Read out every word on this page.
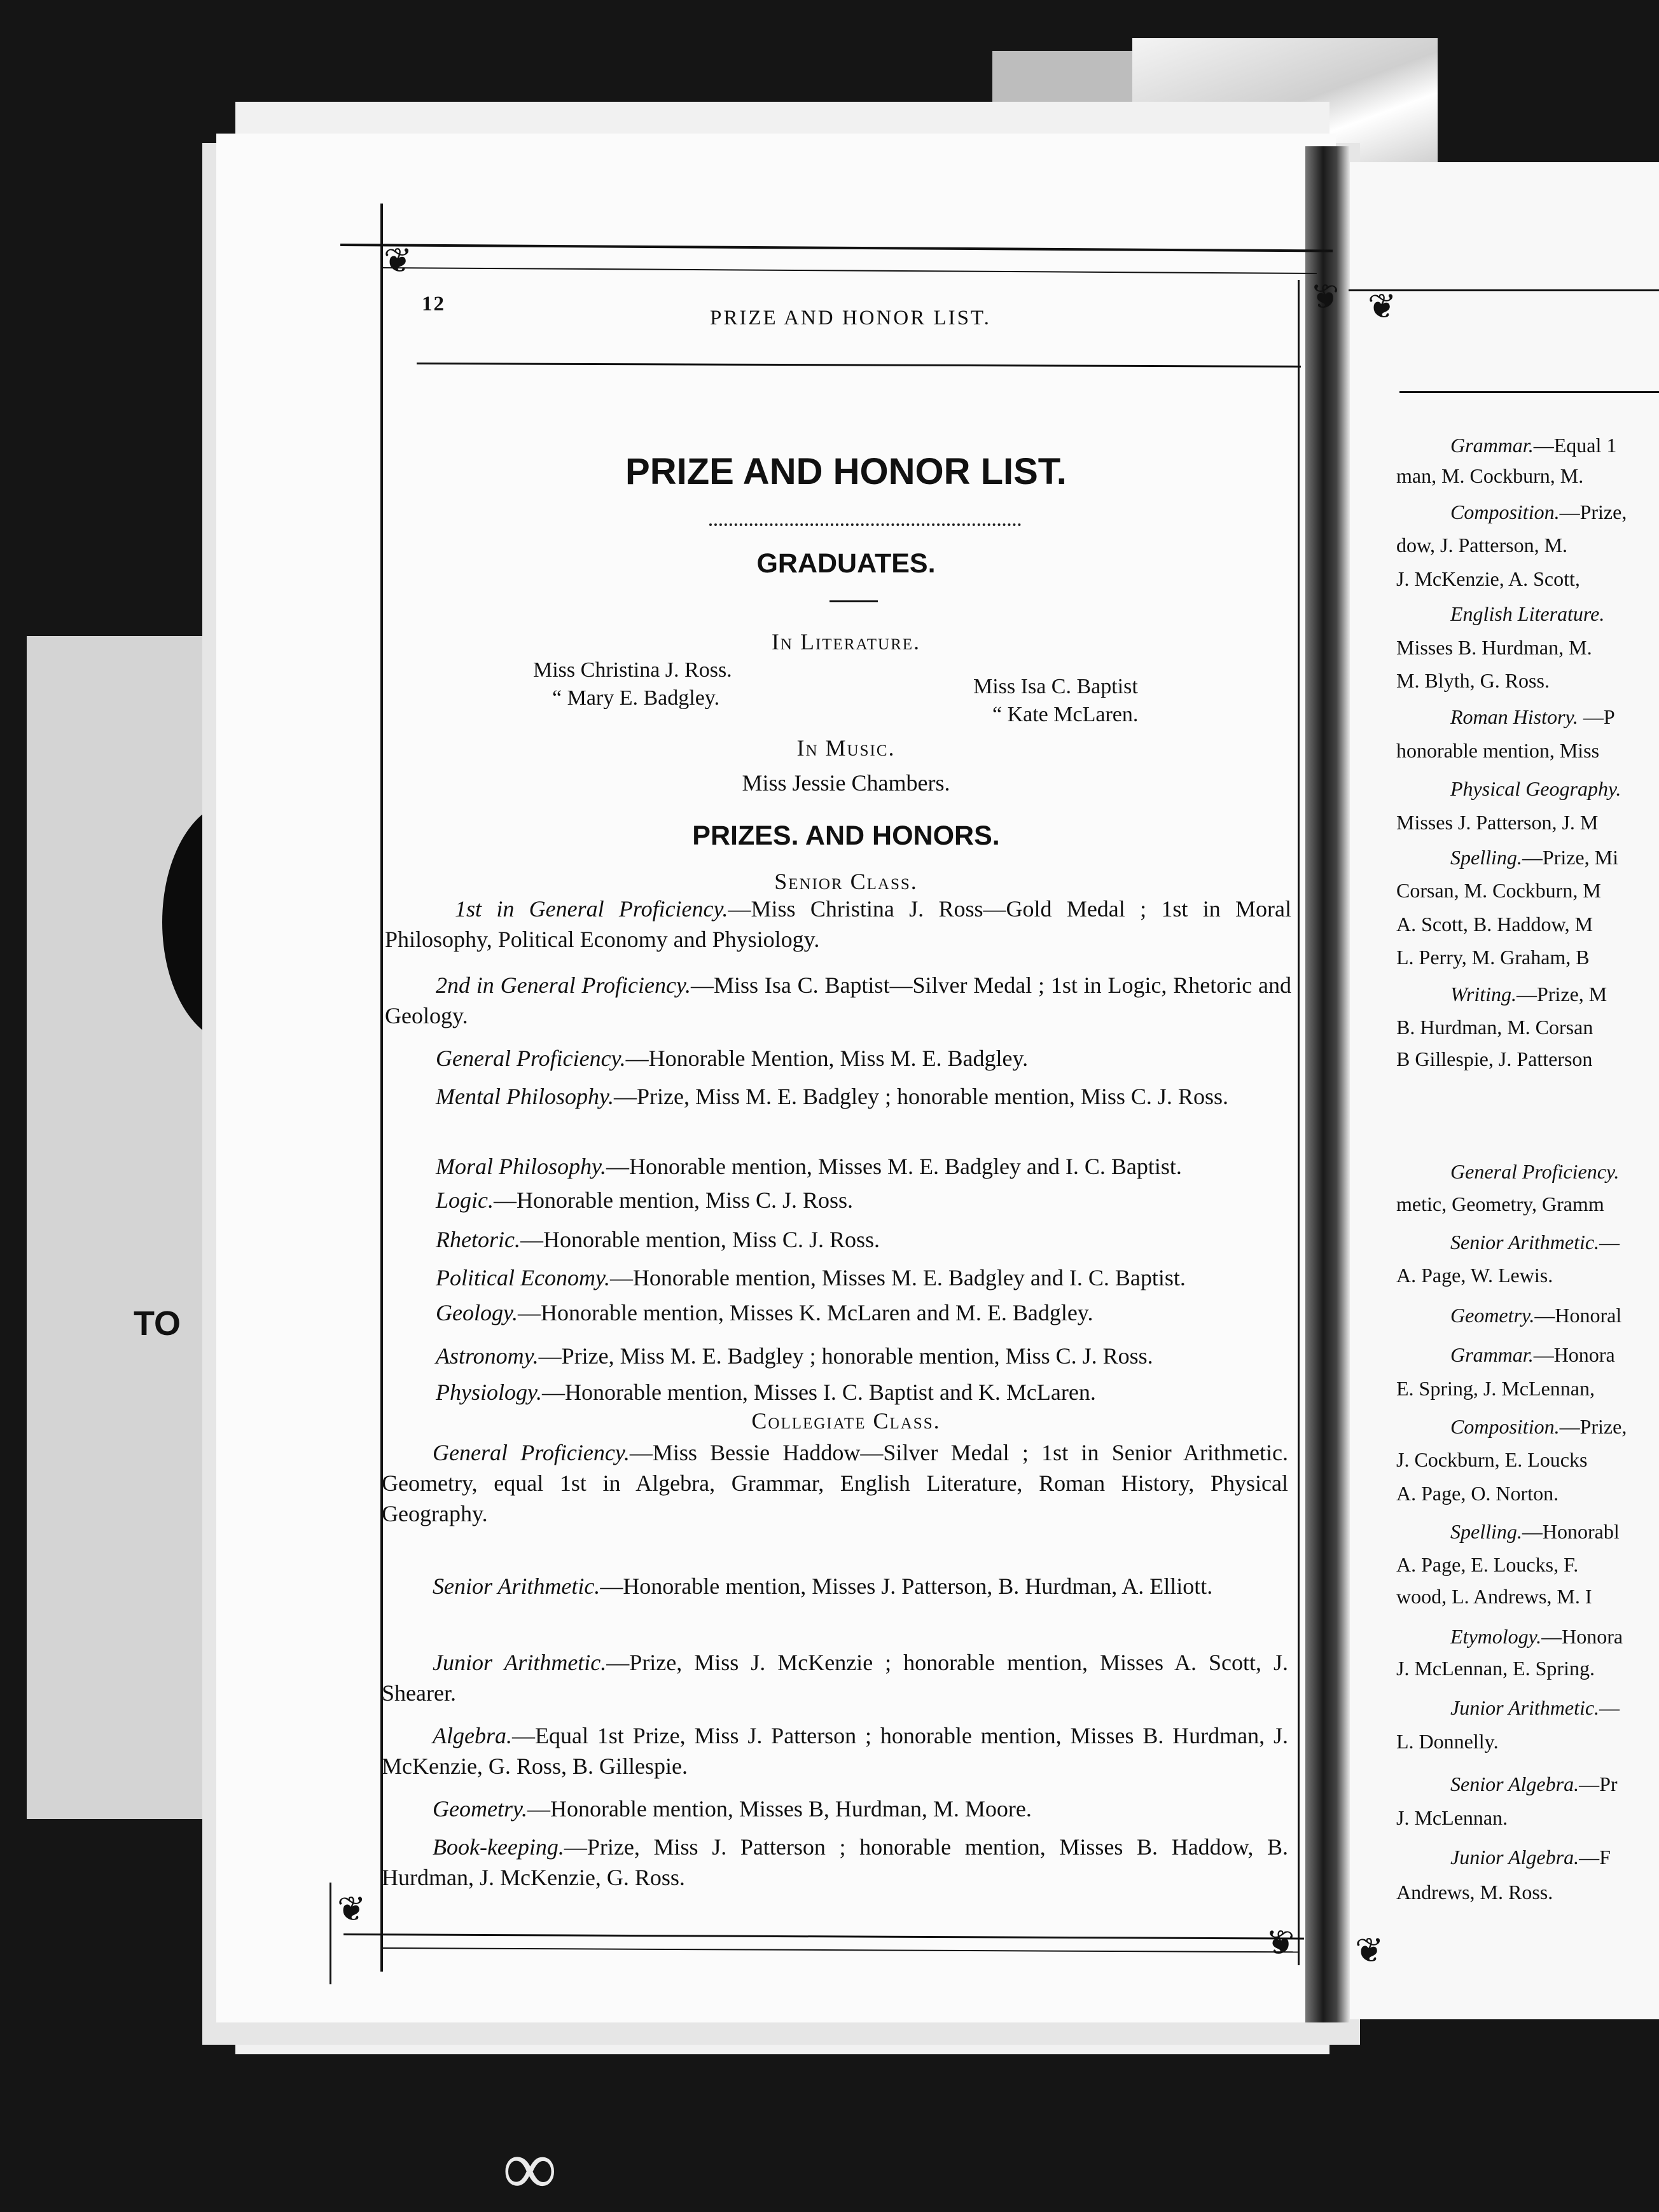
TO
∞
❦
❦
❦
❦
❦
❦
12
PRIZE AND HONOR LIST.
PRIZE AND HONOR LIST.
GRADUATES.
In Literature.
Miss Christina J. Ross.
“ Mary E. Badgley.	Miss Isa C. Baptist
“ Kate McLaren.
In Music.
Miss Jessie Chambers.
PRIZES. AND HONORS.
Senior Class.
1st in General Proficiency.—Miss Christina J. Ross—Gold Medal ; 1st in Moral Philosophy, Political Economy and Physiology.
2nd in General Proficiency.—Miss Isa C. Baptist—Silver Medal ; 1st in Logic, Rhetoric and Geology.
General Proficiency.—Honorable Mention, Miss M. E. Badgley.
Mental Philosophy.—Prize, Miss M. E. Badgley ; honorable mention, Miss C. J. Ross.
Moral Philosophy.—Honorable mention, Misses M. E. Badgley and I. C. Baptist.
Logic.—Honorable mention, Miss C. J. Ross.
Rhetoric.—Honorable mention, Miss C. J. Ross.
Political Economy.—Honorable mention, Misses M. E. Badgley and I. C. Baptist.
Geology.—Honorable mention, Misses K. McLaren and M. E. Badgley.
Astronomy.—Prize, Miss M. E. Badgley ; honorable mention, Miss C. J. Ross.
Physiology.—Honorable mention, Misses I. C. Baptist and K. McLaren.
Collegiate Class.
General Proficiency.—Miss Bessie Haddow—Silver Medal ; 1st in Senior Arithmetic. Geometry, equal 1st in Algebra, Grammar, English Literature, Roman History, Physical Geography.
Senior Arithmetic.—Honorable mention, Misses J. Patterson, B. Hurdman, A. Elliott.
Junior Arithmetic.—Prize, Miss J. McKenzie ; honorable mention, Misses A. Scott, J. Shearer.
Algebra.—Equal 1st Prize, Miss J. Patterson ; honorable mention, Misses B. Hurdman, J. McKenzie, G. Ross, B. Gillespie.
Geometry.—Honorable mention, Misses B, Hurdman, M. Moore.
Book-keeping.—Prize, Miss J. Patterson ; honorable mention, Misses B. Haddow, B. Hurdman, J. McKenzie, G. Ross.
Grammar.—Equal 1
man, M. Cockburn, M.
Composition.—Prize,
dow, J. Patterson, M.
J. McKenzie, A. Scott,
English Literature.
Misses B. Hurdman, M.
M. Blyth, G. Ross.
Roman History. —P
honorable mention, Miss
Physical Geography.
Misses J. Patterson, J. M
Spelling.—Prize, Mi
Corsan, M. Cockburn, M
A. Scott, B. Haddow, M
L. Perry, M. Graham, B
Writing.—Prize, M
B. Hurdman, M. Corsan
B Gillespie, J. Patterson
General Proficiency.
metic, Geometry, Gramm
Senior Arithmetic.—
A. Page, W. Lewis.
Geometry.—Honoral
Grammar.—Honora
E. Spring, J. McLennan,
Composition.—Prize,
J. Cockburn, E. Loucks
A. Page, O. Norton.
Spelling.—Honorabl
A. Page, E. Loucks, F.
wood, L. Andrews, M. I
Etymology.—Honora
J. McLennan, E. Spring.
Junior Arithmetic.—
L. Donnelly.
Senior Algebra.—Pr
J. McLennan.
Junior Algebra.—F
Andrews, M. Ross.
